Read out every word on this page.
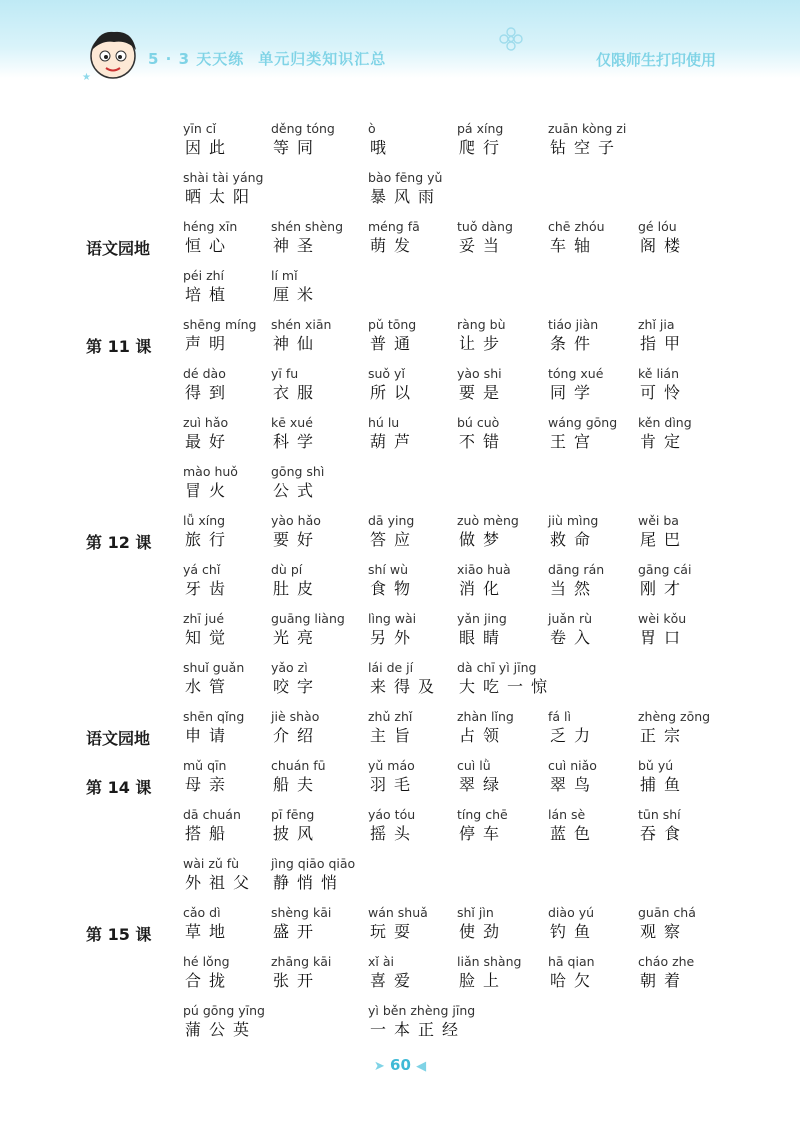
★
5 · 3 天天练 单元归类知识汇总	仅限师生打印使用
yīn cǐ
因此
děng tóng
等同
ò
哦
pá xíng
爬行
zuān kòng zi
钻空子
shài tài yáng
晒太阳
bào fēng yǔ
暴风雨
语文园地
héng xīn
恒心
shén shèng
神圣
méng fā
萌发
tuǒ dàng
妥当
chē zhóu
车轴
gé lóu
阁楼
péi zhí
培植
lí mǐ
厘米
第 11 课
shēng míng
声明
shén xiān
神仙
pǔ tōng
普通
ràng bù
让步
tiáo jiàn
条件
zhǐ jia
指甲
dé dào
得到
yī fu
衣服
suǒ yǐ
所以
yào shi
要是
tóng xué
同学
kě lián
可怜
zuì hǎo
最好
kē xué
科学
hú lu
葫芦
bú cuò
不错
wáng gōng
王宫
kěn dìng
肯定
mào huǒ
冒火
gōng shì
公式
第 12 课
lǚ xíng
旅行
yào hǎo
要好
dā ying
答应
zuò mèng
做梦
jiù mìng
救命
wěi ba
尾巴
yá chǐ
牙齿
dù pí
肚皮
shí wù
食物
xiāo huà
消化
dāng rán
当然
gāng cái
刚才
zhī jué
知觉
guāng liàng
光亮
lìng wài
另外
yǎn jing
眼睛
juǎn rù
卷入
wèi kǒu
胃口
shuǐ guǎn
水管
yǎo zì
咬字
lái de jí
来得及
dà chī yì jīng
大吃一惊
语文园地
shēn qǐng
申请
jiè shào
介绍
zhǔ zhǐ
主旨
zhàn lǐng
占领
fá lì
乏力
zhèng zōng
正宗
第 14 课
mǔ qīn
母亲
chuán fū
船夫
yǔ máo
羽毛
cuì lǜ
翠绿
cuì niǎo
翠鸟
bǔ yú
捕鱼
dā chuán
搭船
pī fēng
披风
yáo tóu
摇头
tíng chē
停车
lán sè
蓝色
tūn shí
吞食
wài zǔ fù
外祖父
jìng qiāo qiāo
静悄悄
第 15 课
cǎo dì
草地
shèng kāi
盛开
wán shuǎ
玩耍
shǐ jìn
使劲
diào yú
钓鱼
guān chá
观察
hé lǒng
合拢
zhāng kāi
张开
xǐ ài
喜爱
liǎn shàng
脸上
hā qian
哈欠
cháo zhe
朝着
pú gōng yīng
蒲公英
yì běn zhèng jīng
一本正经
➤ 60 ◀
